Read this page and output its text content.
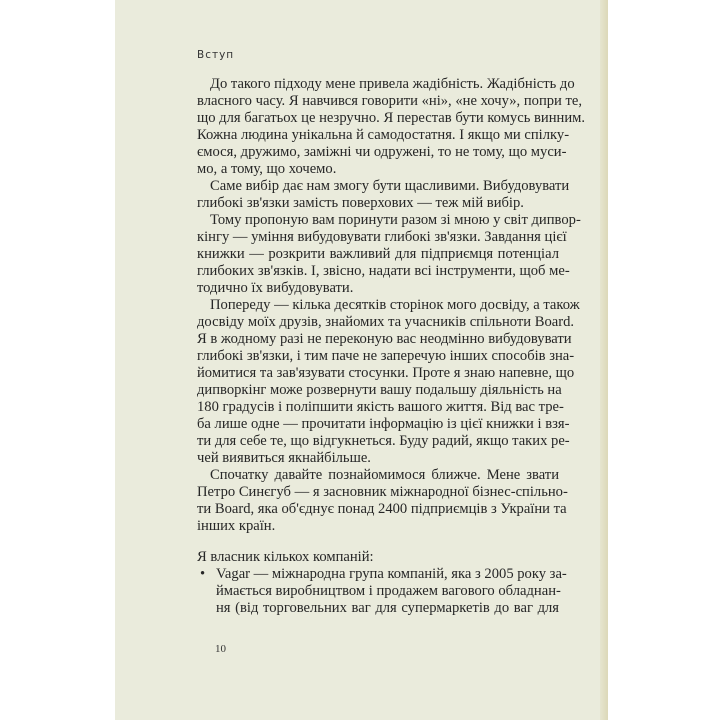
Вступ
До такого підходу мене привела жадібність. Жадібність до
власного часу. Я навчився говорити «ні», «не хочу», попри те,
що для багатьох це незручно. Я перестав бути комусь винним.
Кожна людина унікальна й самодостатня. І якщо ми спілку-
ємося, дружимо, заміжні чи одружені, то не тому, що муси-
мо, а тому, що хочемо.
Саме вибір дає нам змогу бути щасливими. Вибудовувати
глибокі зв'язки замість поверхових — теж мій вибір.
Тому пропоную вам поринути разом зі мною у світ дипвор-
кінгу — уміння вибудовувати глибокі зв'язки. Завдання цієї
книжки — розкрити важливий для підприємця потенціал
глибоких зв'язків. І, звісно, надати всі інструменти, щоб ме-
тодично їх вибудовувати.
Попереду — кілька десятків сторінок мого досвіду, а також
досвіду моїх друзів, знайомих та учасників спільноти Board.
Я в жодному разі не переконую вас неодмінно вибудовувати
глибокі зв'язки, і тим паче не заперечую інших способів зна-
йомитися та зав'язувати стосунки. Проте я знаю напевне, що
дипворкінг може розвернути вашу подальшу діяльність на
180 градусів і поліпшити якість вашого життя. Від вас тре-
ба лише одне — прочитати інформацію із цієї книжки і взя-
ти для себе те, що відгукнеться. Буду радий, якщо таких ре-
чей виявиться якнайбільше.
Спочатку давайте познайомимося ближче. Мене звати
Петро Синєгуб — я засновник міжнародної бізнес-спільно-
ти Board, яка об'єднує понад 2400 підприємців з України та
інших країн.
Я власник кількох компаній:
• Vagar — міжнародна група компаній, яка з 2005 року за-
ймається виробництвом і продажем вагового обладнан-
ня (від торговельних ваг для супермаркетів до ваг для
10
